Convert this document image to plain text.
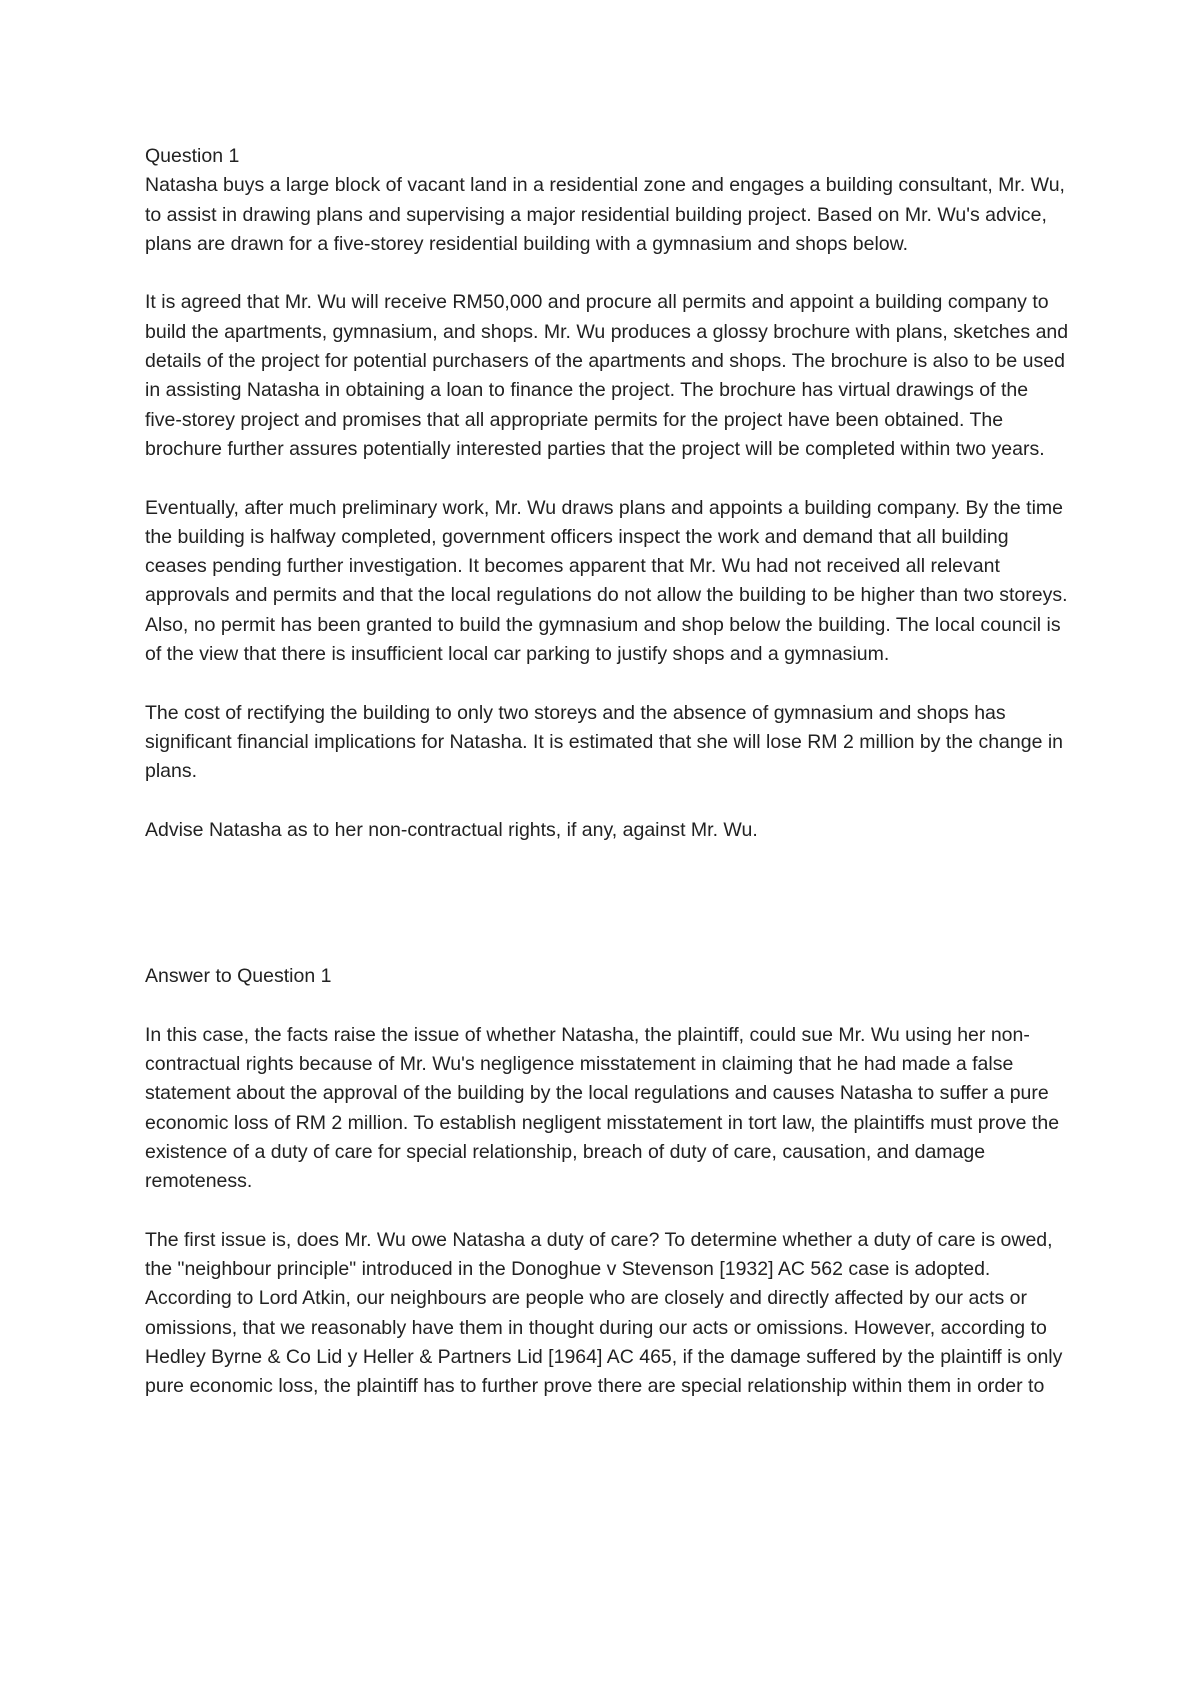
Question 1

Natasha buys a large block of vacant land in a residential zone and engages a building consultant, Mr. Wu, to assist in drawing plans and supervising a major residential building project. Based on Mr. Wu's advice, plans are drawn for a five-storey residential building with a gymnasium and shops below.

It is agreed that Mr. Wu will receive RM50,000 and procure all permits and appoint a building company to build the apartments, gymnasium, and shops. Mr. Wu produces a glossy brochure with plans, sketches and details of the project for potential purchasers of the apartments and shops. The brochure is also to be used in assisting Natasha in obtaining a loan to finance the project. The brochure has virtual drawings of the five-storey project and promises that all appropriate permits for the project have been obtained. The brochure further assures potentially interested parties that the project will be completed within two years.

Eventually, after much preliminary work, Mr. Wu draws plans and appoints a building company. By the time the building is halfway completed, government officers inspect the work and demand that all building ceases pending further investigation. It becomes apparent that Mr. Wu had not received all relevant approvals and permits and that the local regulations do not allow the building to be higher than two storeys. Also, no permit has been granted to build the gymnasium and shop below the building. The local council is of the view that there is insufficient local car parking to justify shops and a gymnasium.

The cost of rectifying the building to only two storeys and the absence of gymnasium and shops has significant financial implications for Natasha. It is estimated that she will lose RM 2 million by the change in plans.

Advise Natasha as to her non-contractual rights, if any, against Mr. Wu.

Answer to Question 1

In this case, the facts raise the issue of whether Natasha, the plaintiff, could sue Mr. Wu using her non-contractual rights because of Mr. Wu's negligence misstatement in claiming that he had made a false statement about the approval of the building by the local regulations and causes Natasha to suffer a pure economic loss of RM 2 million. To establish negligent misstatement in tort law, the plaintiffs must prove the existence of a duty of care for special relationship, breach of duty of care, causation, and damage remoteness.

The first issue is, does Mr. Wu owe Natasha a duty of care? To determine whether a duty of care is owed, the "neighbour principle" introduced in the Donoghue v Stevenson [1932] AC 562 case is adopted. According to Lord Atkin, our neighbours are people who are closely and directly affected by our acts or omissions, that we reasonably have them in thought during our acts or omissions. However, according to Hedley Byrne & Co Lid y Heller & Partners Lid [1964] AC 465, if the damage suffered by the plaintiff is only pure economic loss, the plaintiff has to further prove there are special relationship within them in order to
